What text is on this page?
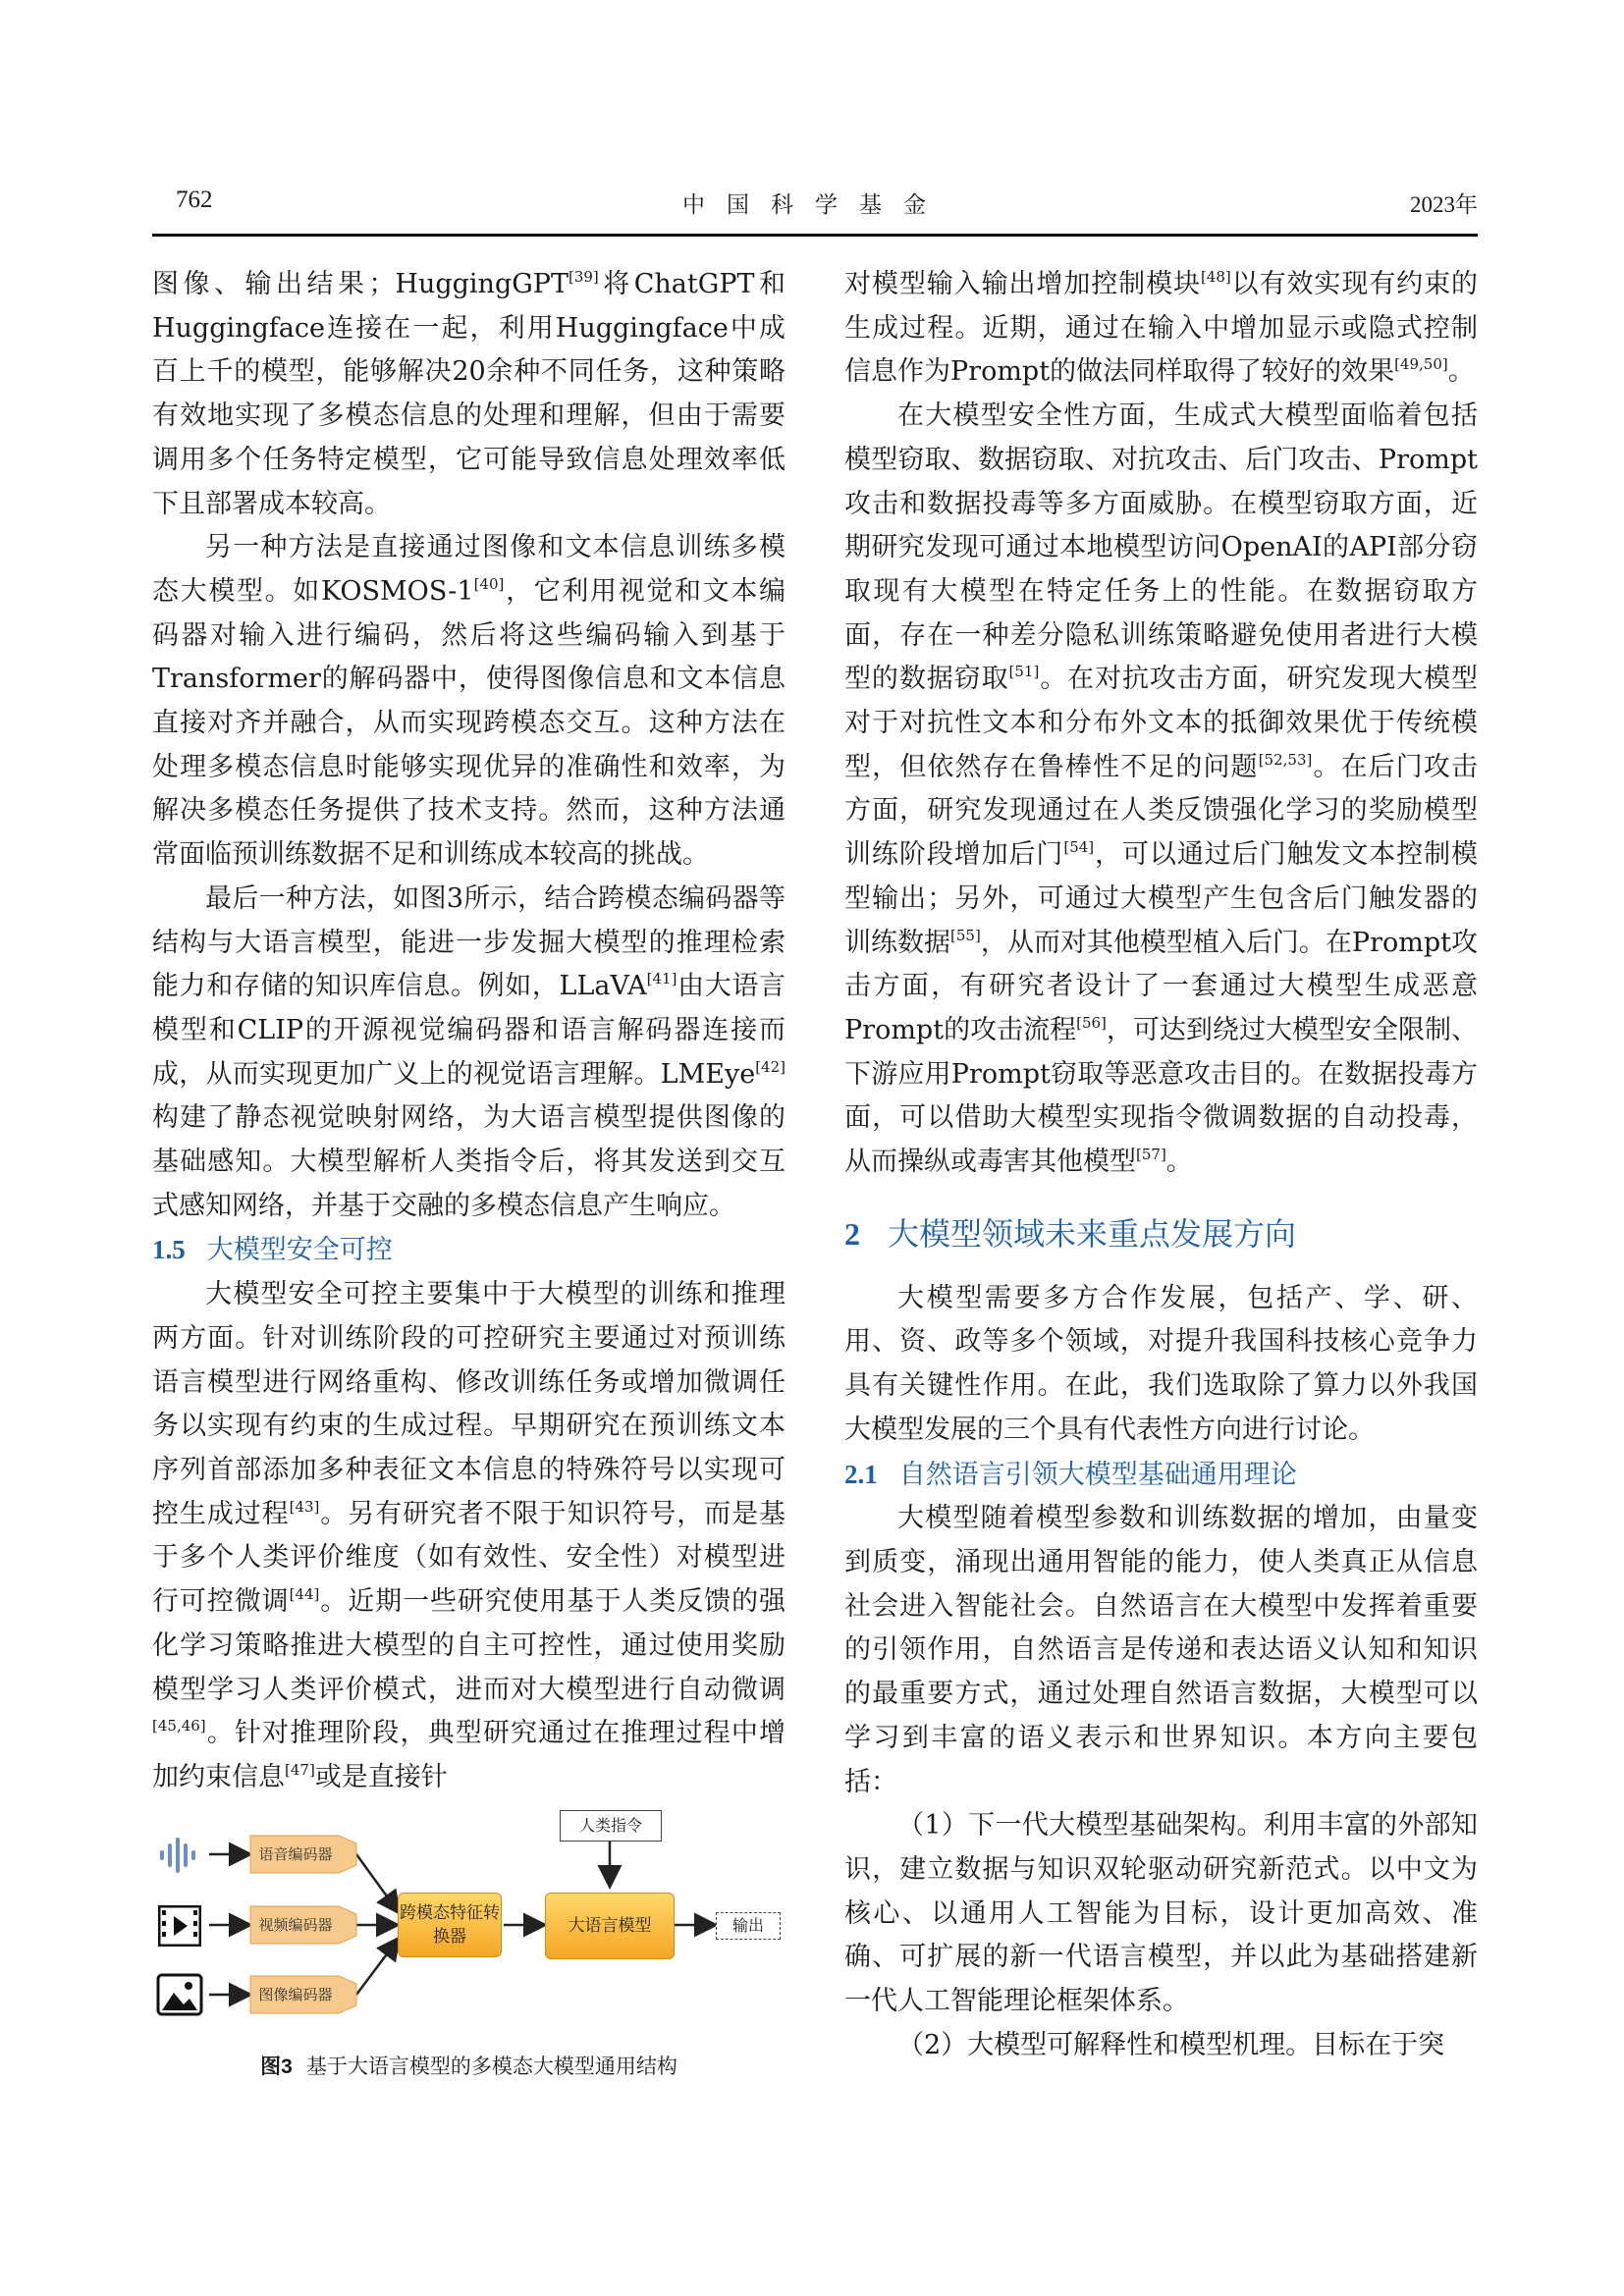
762	中国科学基金	2023年

图像、输出结果；HuggingGPT[39]将ChatGPT和Huggingface连接在一起，利用Huggingface中成百上千的模型，能够解决20余种不同任务，这种策略有效地实现了多模态信息的处理和理解，但由于需要调用多个任务特定模型，它可能导致信息处理效率低下且部署成本较高。

另一种方法是直接通过图像和文本信息训练多模态大模型。如KOSMOS-1[40]，它利用视觉和文本编码器对输入进行编码，然后将这些编码输入到基于Transformer的解码器中，使得图像信息和文本信息直接对齐并融合，从而实现跨模态交互。这种方法在处理多模态信息时能够实现优异的准确性和效率，为解决多模态任务提供了技术支持。然而，这种方法通常面临预训练数据不足和训练成本较高的挑战。

最后一种方法，如图3所示，结合跨模态编码器等结构与大语言模型，能进一步发掘大模型的推理检索能力和存储的知识库信息。例如，LLaVA[41]由大语言模型和CLIP的开源视觉编码器和语言解码器连接而成，从而实现更加广义上的视觉语言理解。LMEye[42]构建了静态视觉映射网络，为大语言模型提供图像的基础感知。大模型解析人类指令后，将其发送到交互式感知网络，并基于交融的多模态信息产生响应。

1.5 大模型安全可控

大模型安全可控主要集中于大模型的训练和推理两方面。针对训练阶段的可控研究主要通过对预训练语言模型进行网络重构、修改训练任务或增加微调任务以实现有约束的生成过程。早期研究在预训练文本序列首部添加多种表征文本信息的特殊符号以实现可控生成过程[43]。另有研究者不限于知识符号，而是基于多个人类评价维度（如有效性、安全性）对模型进行可控微调[44]。近期一些研究使用基于人类反馈的强化学习策略推进大模型的自主可控性，通过使用奖励模型学习人类评价模式，进而对大模型进行自动微调[45,46]。针对推理阶段，典型研究通过在推理过程中增加约束信息[47]或是直接针

语音编码器
视频编码器
图像编码器
跨模态特征转换器
大语言模型
人类指令
输出
图3 基于大语言模型的多模态大模型通用结构

对模型输入输出增加控制模块[48]以有效实现有约束的生成过程。近期，通过在输入中增加显示或隐式控制信息作为Prompt的做法同样取得了较好的效果[49,50]。

在大模型安全性方面，生成式大模型面临着包括模型窃取、数据窃取、对抗攻击、后门攻击、Prompt攻击和数据投毒等多方面威胁。在模型窃取方面，近期研究发现可通过本地模型访问OpenAI的API部分窃取现有大模型在特定任务上的性能。在数据窃取方面，存在一种差分隐私训练策略避免使用者进行大模型的数据窃取[51]。在对抗攻击方面，研究发现大模型对于对抗性文本和分布外文本的抵御效果优于传统模型，但依然存在鲁棒性不足的问题[52,53]。在后门攻击方面，研究发现通过在人类反馈强化学习的奖励模型训练阶段增加后门[54]，可以通过后门触发文本控制模型输出；另外，可通过大模型产生包含后门触发器的训练数据[55]，从而对其他模型植入后门。在Prompt攻击方面，有研究者设计了一套通过大模型生成恶意Prompt的攻击流程[56]，可达到绕过大模型安全限制、下游应用Prompt窃取等恶意攻击目的。在数据投毒方面，可以借助大模型实现指令微调数据的自动投毒，从而操纵或毒害其他模型[57]。

2 大模型领域未来重点发展方向

大模型需要多方合作发展，包括产、学、研、用、资、政等多个领域，对提升我国科技核心竞争力具有关键性作用。在此，我们选取除了算力以外我国大模型发展的三个具有代表性方向进行讨论。

2.1 自然语言引领大模型基础通用理论

大模型随着模型参数和训练数据的增加，由量变到质变，涌现出通用智能的能力，使人类真正从信息社会进入智能社会。自然语言在大模型中发挥着重要的引领作用，自然语言是传递和表达语义认知和知识的最重要方式，通过处理自然语言数据，大模型可以学习到丰富的语义表示和世界知识。本方向主要包括：

（1）下一代大模型基础架构。利用丰富的外部知识，建立数据与知识双轮驱动研究新范式。以中文为核心、以通用人工智能为目标，设计更加高效、准确、可扩展的新一代语言模型，并以此为基础搭建新一代人工智能理论框架体系。

（2）大模型可解释性和模型机理。目标在于突
